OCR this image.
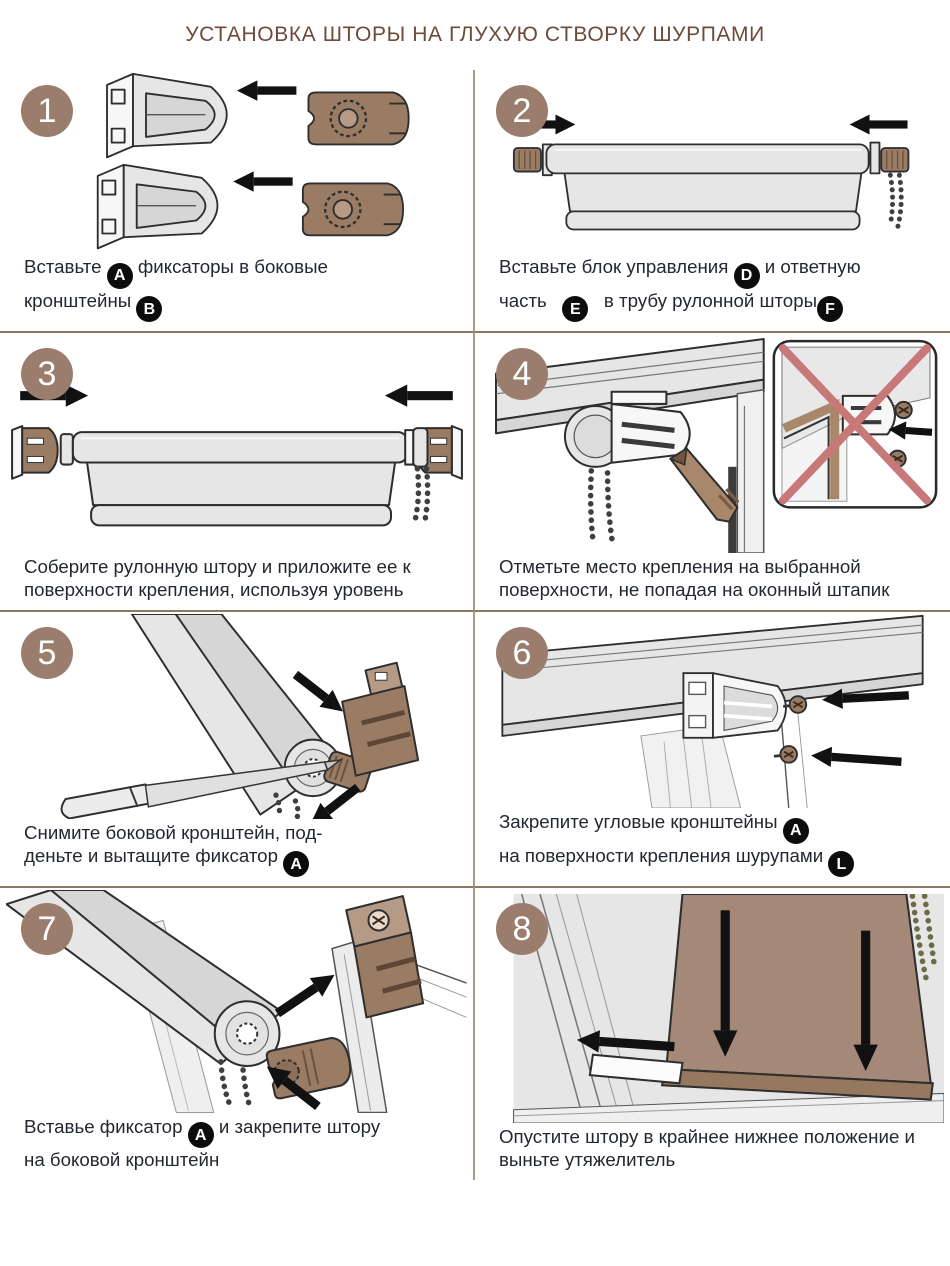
УСТАНОВКА ШТОРЫ НА ГЛУХУЮ СТВОРКУ ШУРПАМИ
1

Вставьте A фиксаторы в боковые
кронштейны B

2

Вставьте блок управления D и ответную
часть   E   в трубу рулонной шторы F

3

Соберите рулонную штору и приложите ее к
поверхности крепления, используя уровень

4

Отметьте место крепления на выбранной
поверхности, не попадая на оконный штапик

5

Снимите боковой кронштейн, под-
деньте и вытащите фиксатор A

6

Закрепите угловые кронштейны A
на поверхности крепления шурупами L

7

Вставье фиксатор A и закрепите штору
на боковой кронштейн

8

Опустите штору в крайнее нижнее положение и
выньте утяжелитель
